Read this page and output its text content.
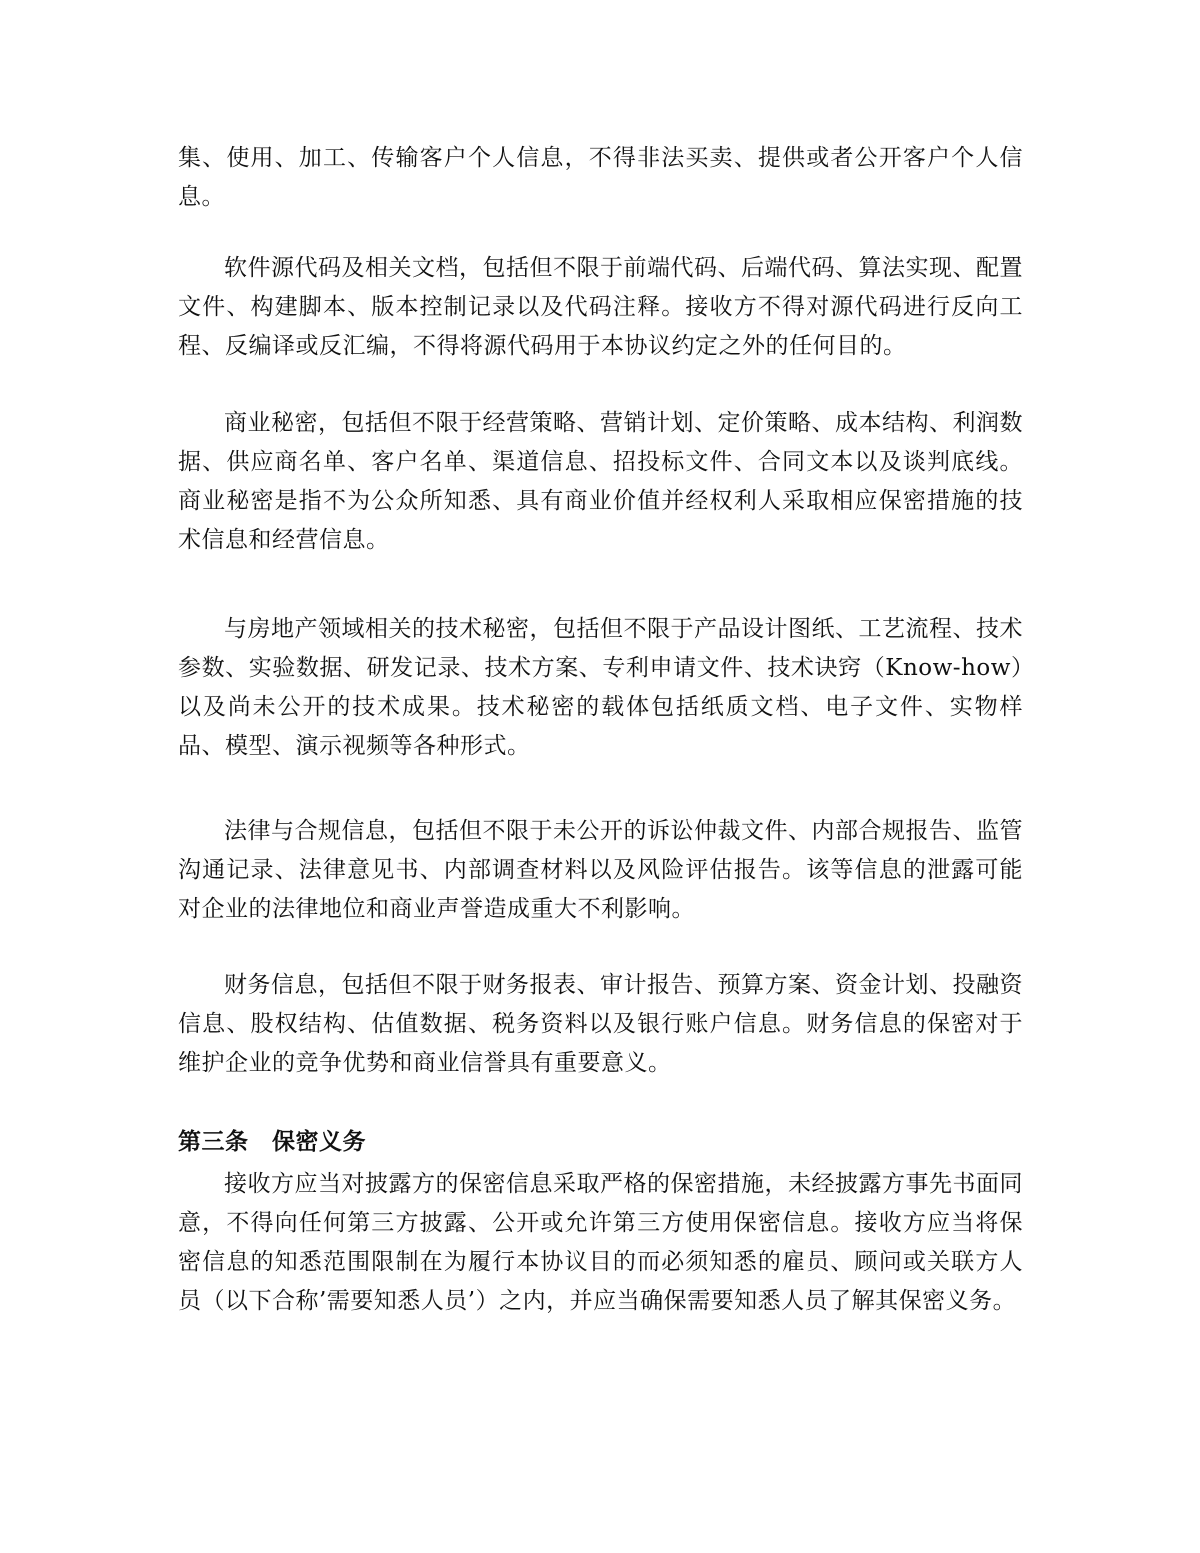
集、使用、加工、传输客户个人信息，不得非法买卖、提供或者公开客户个人信息。

软件源代码及相关文档，包括但不限于前端代码、后端代码、算法实现、配置文件、构建脚本、版本控制记录以及代码注释。接收方不得对源代码进行反向工程、反编译或反汇编，不得将源代码用于本协议约定之外的任何目的。

商业秘密，包括但不限于经营策略、营销计划、定价策略、成本结构、利润数据、供应商名单、客户名单、渠道信息、招投标文件、合同文本以及谈判底线。商业秘密是指不为公众所知悉、具有商业价值并经权利人采取相应保密措施的技术信息和经营信息。

与房地产领域相关的技术秘密，包括但不限于产品设计图纸、工艺流程、技术参数、实验数据、研发记录、技术方案、专利申请文件、技术诀窍（Know-how）以及尚未公开的技术成果。技术秘密的载体包括纸质文档、电子文件、实物样品、模型、演示视频等各种形式。

法律与合规信息，包括但不限于未公开的诉讼仲裁文件、内部合规报告、监管沟通记录、法律意见书、内部调查材料以及风险评估报告。该等信息的泄露可能对企业的法律地位和商业声誉造成重大不利影响。

财务信息，包括但不限于财务报表、审计报告、预算方案、资金计划、投融资信息、股权结构、估值数据、税务资料以及银行账户信息。财务信息的保密对于维护企业的竞争优势和商业信誉具有重要意义。

第三条　保密义务

接收方应当对披露方的保密信息采取严格的保密措施，未经披露方事先书面同意，不得向任何第三方披露、公开或允许第三方使用保密信息。接收方应当将保密信息的知悉范围限制在为履行本协议目的而必须知悉的雇员、顾问或关联方人员（以下合称’需要知悉人员’）之内，并应当确保需要知悉人员了解其保密义务。
